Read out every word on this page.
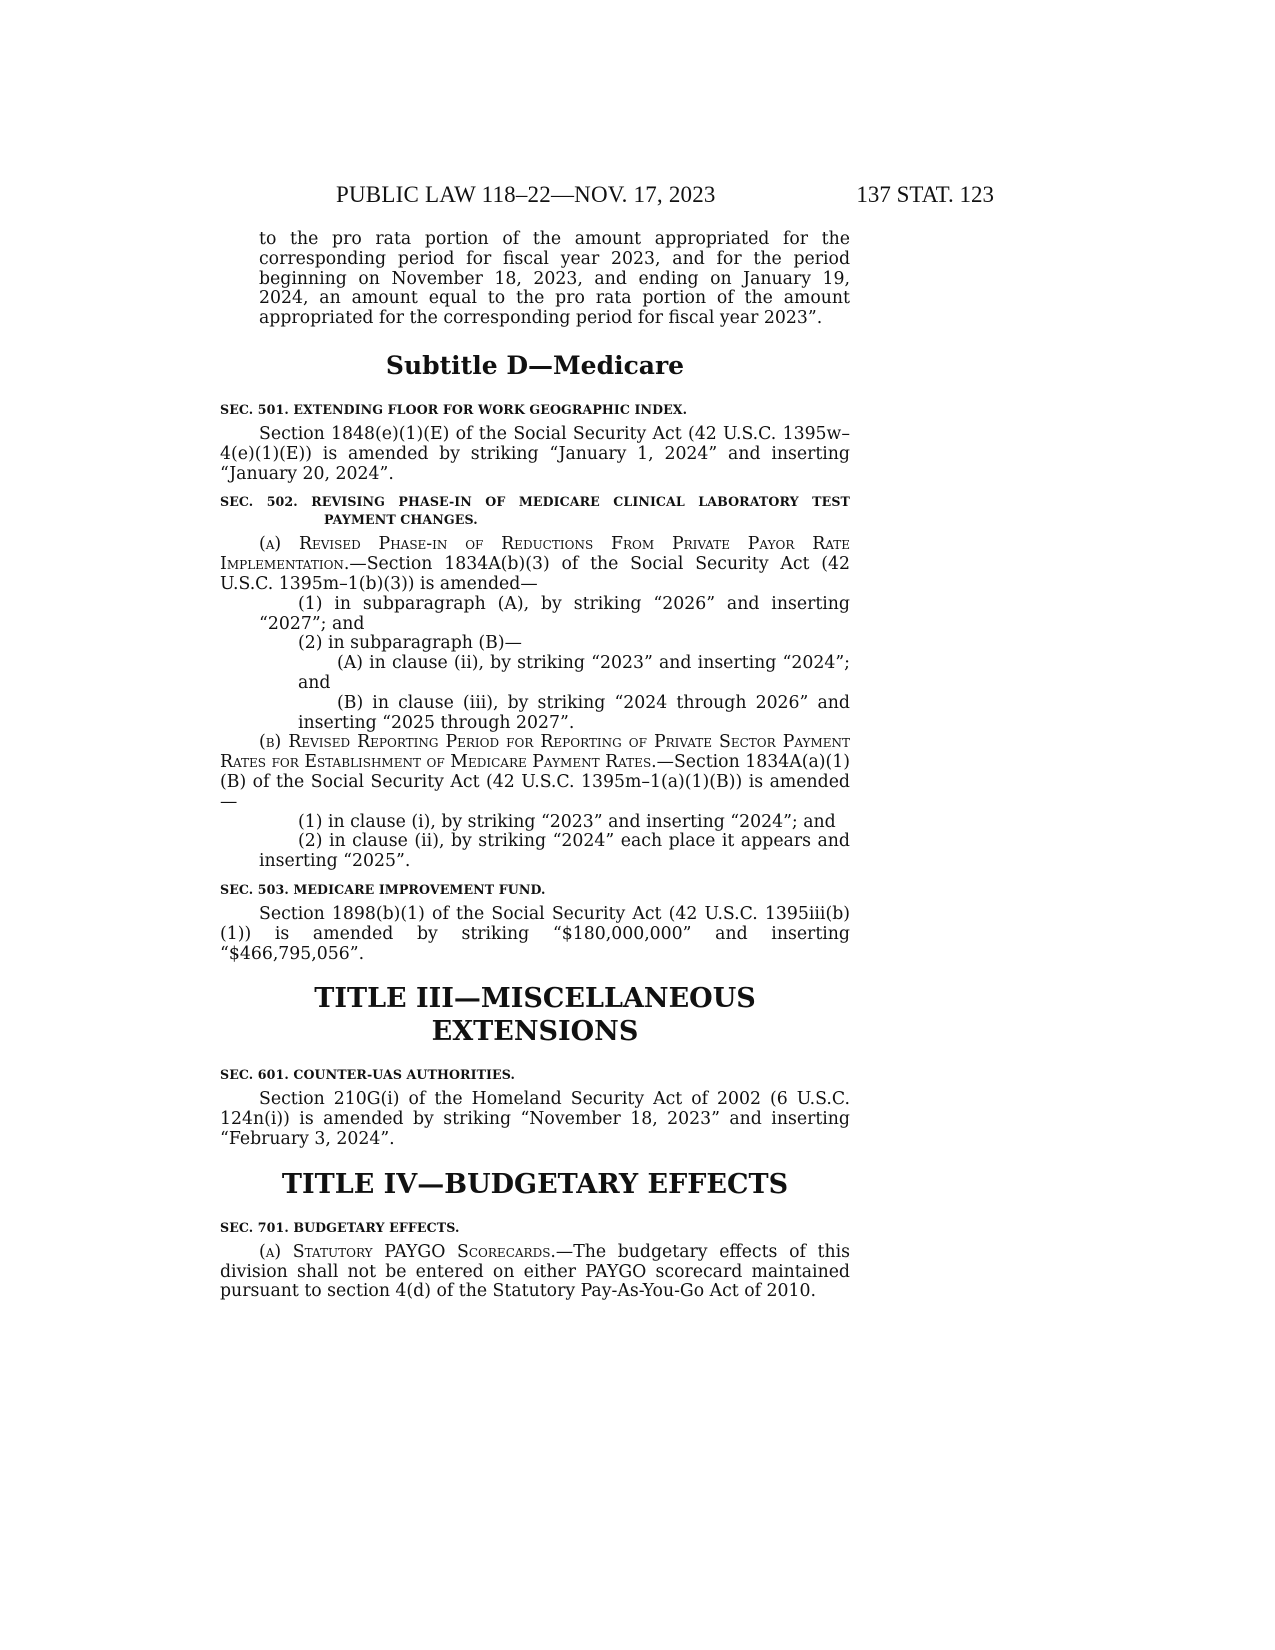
PUBLIC LAW 118–22—NOV. 17, 2023	137 STAT. 123

to the pro rata portion of the amount appropriated for the corresponding period for fiscal year 2023, and for the period beginning on November 18, 2023, and ending on January 19, 2024, an amount equal to the pro rata portion of the amount appropriated for the corresponding period for fiscal year 2023”.

Subtitle D—Medicare

SEC. 501. EXTENDING FLOOR FOR WORK GEOGRAPHIC INDEX.

Section 1848(e)(1)(E) of the Social Security Act (42 U.S.C. 1395w–4(e)(1)(E)) is amended by striking “January 1, 2024” and inserting “January 20, 2024”.

SEC. 502. REVISING PHASE-IN OF MEDICARE CLINICAL LABORATORY TEST PAYMENT CHANGES.

(a) Revised Phase-in of Reductions From Private Payor Rate Implementation.—Section 1834A(b)(3) of the Social Security Act (42 U.S.C. 1395m–1(b)(3)) is amended—

(1) in subparagraph (A), by striking “2026” and inserting “2027”; and

(2) in subparagraph (B)—

(A) in clause (ii), by striking “2023” and inserting “2024”; and

(B) in clause (iii), by striking “2024 through 2026” and inserting “2025 through 2027”.

(b) Revised Reporting Period for Reporting of Private Sector Payment Rates for Establishment of Medicare Payment Rates.—Section 1834A(a)(1)(B) of the Social Security Act (42 U.S.C. 1395m–1(a)(1)(B)) is amended—

(1) in clause (i), by striking “2023” and inserting “2024”; and

(2) in clause (ii), by striking “2024” each place it appears and inserting “2025”.

SEC. 503. MEDICARE IMPROVEMENT FUND.

Section 1898(b)(1) of the Social Security Act (42 U.S.C. 1395iii(b)(1)) is amended by striking “$180,000,000” and inserting “$466,795,056”.

TITLE III—MISCELLANEOUS
EXTENSIONS

SEC. 601. COUNTER-UAS AUTHORITIES.

Section 210G(i) of the Homeland Security Act of 2002 (6 U.S.C. 124n(i)) is amended by striking “November 18, 2023” and inserting “February 3, 2024”.

TITLE IV—BUDGETARY EFFECTS

SEC. 701. BUDGETARY EFFECTS.

(a) Statutory PAYGO Scorecards.—The budgetary effects of this division shall not be entered on either PAYGO scorecard maintained pursuant to section 4(d) of the Statutory Pay-As-You-Go Act of 2010.
